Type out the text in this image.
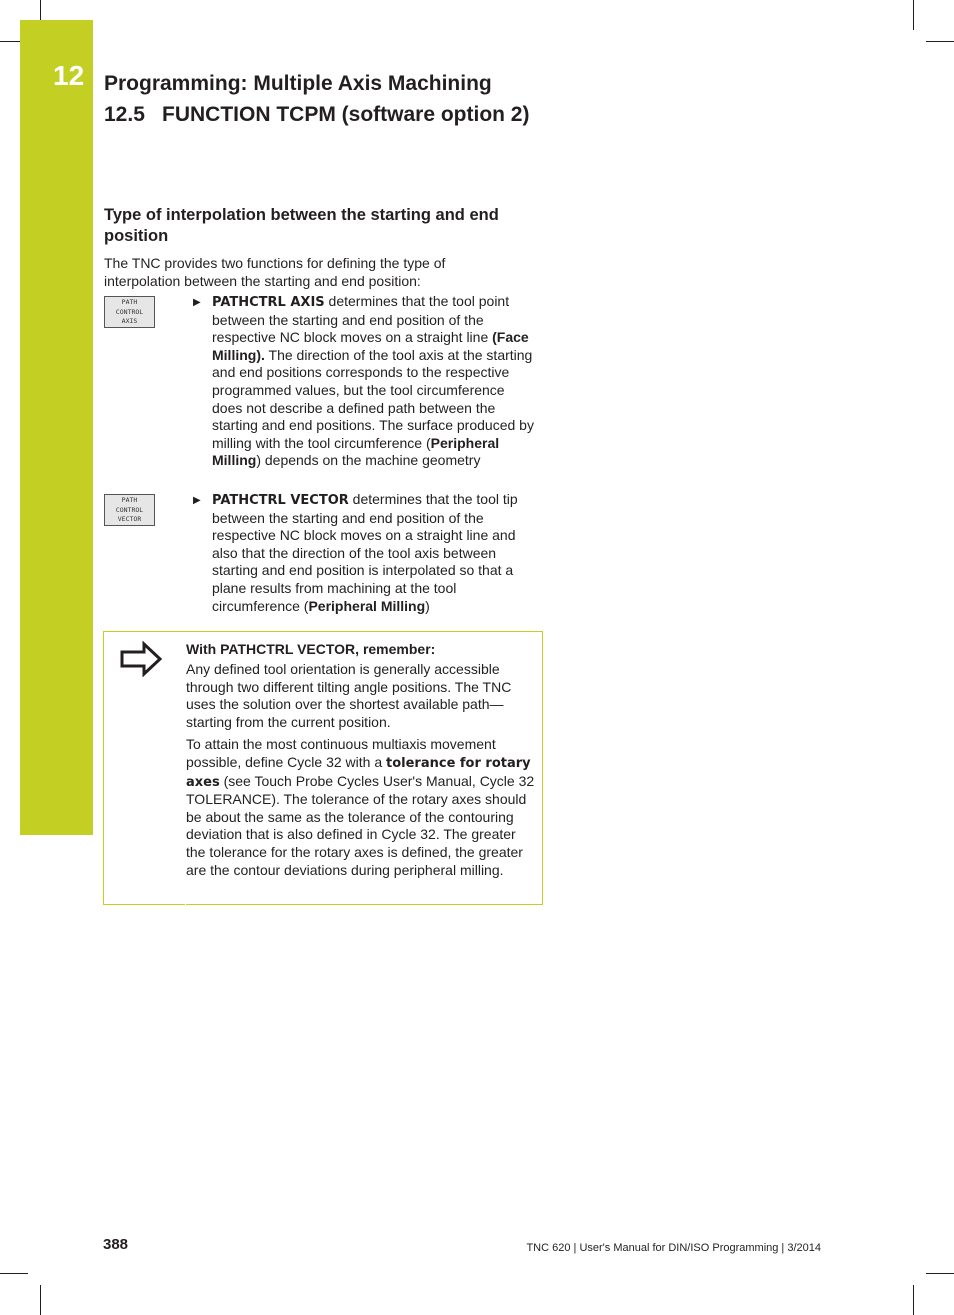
12 Programming: Multiple Axis Machining
12.5 FUNCTION TCPM (software option 2)
Type of interpolation between the starting and end position
The TNC provides two functions for defining the type of interpolation between the starting and end position:
PATH
CONTROL
AXIS
▶ PATHCTRL AXIS determines that the tool point between the starting and end position of the respective NC block moves on a straight line (Face Milling). The direction of the tool axis at the starting and end positions corresponds to the respective programmed values, but the tool circumference does not describe a defined path between the starting and end positions. The surface produced by milling with the tool circumference (Peripheral Milling) depends on the machine geometry
PATH
CONTROL
VECTOR
▶ PATHCTRL VECTOR determines that the tool tip between the starting and end position of the respective NC block moves on a straight line and also that the direction of the tool axis between starting and end position is interpolated so that a plane results from machining at the tool circumference (Peripheral Milling)
With PATHCTRL VECTOR, remember:

Any defined tool orientation is generally accessible through two different tilting angle positions. The TNC uses the solution over the shortest available path—starting from the current position.

To attain the most continuous multiaxis movement possible, define Cycle 32 with a tolerance for rotary axes (see Touch Probe Cycles User's Manual, Cycle 32 TOLERANCE). The tolerance of the rotary axes should be about the same as the tolerance of the contouring deviation that is also defined in Cycle 32. The greater the tolerance for the rotary axes is defined, the greater are the contour deviations during peripheral milling.

388	TNC 620 | User's Manual for DIN/ISO Programming | 3/2014
